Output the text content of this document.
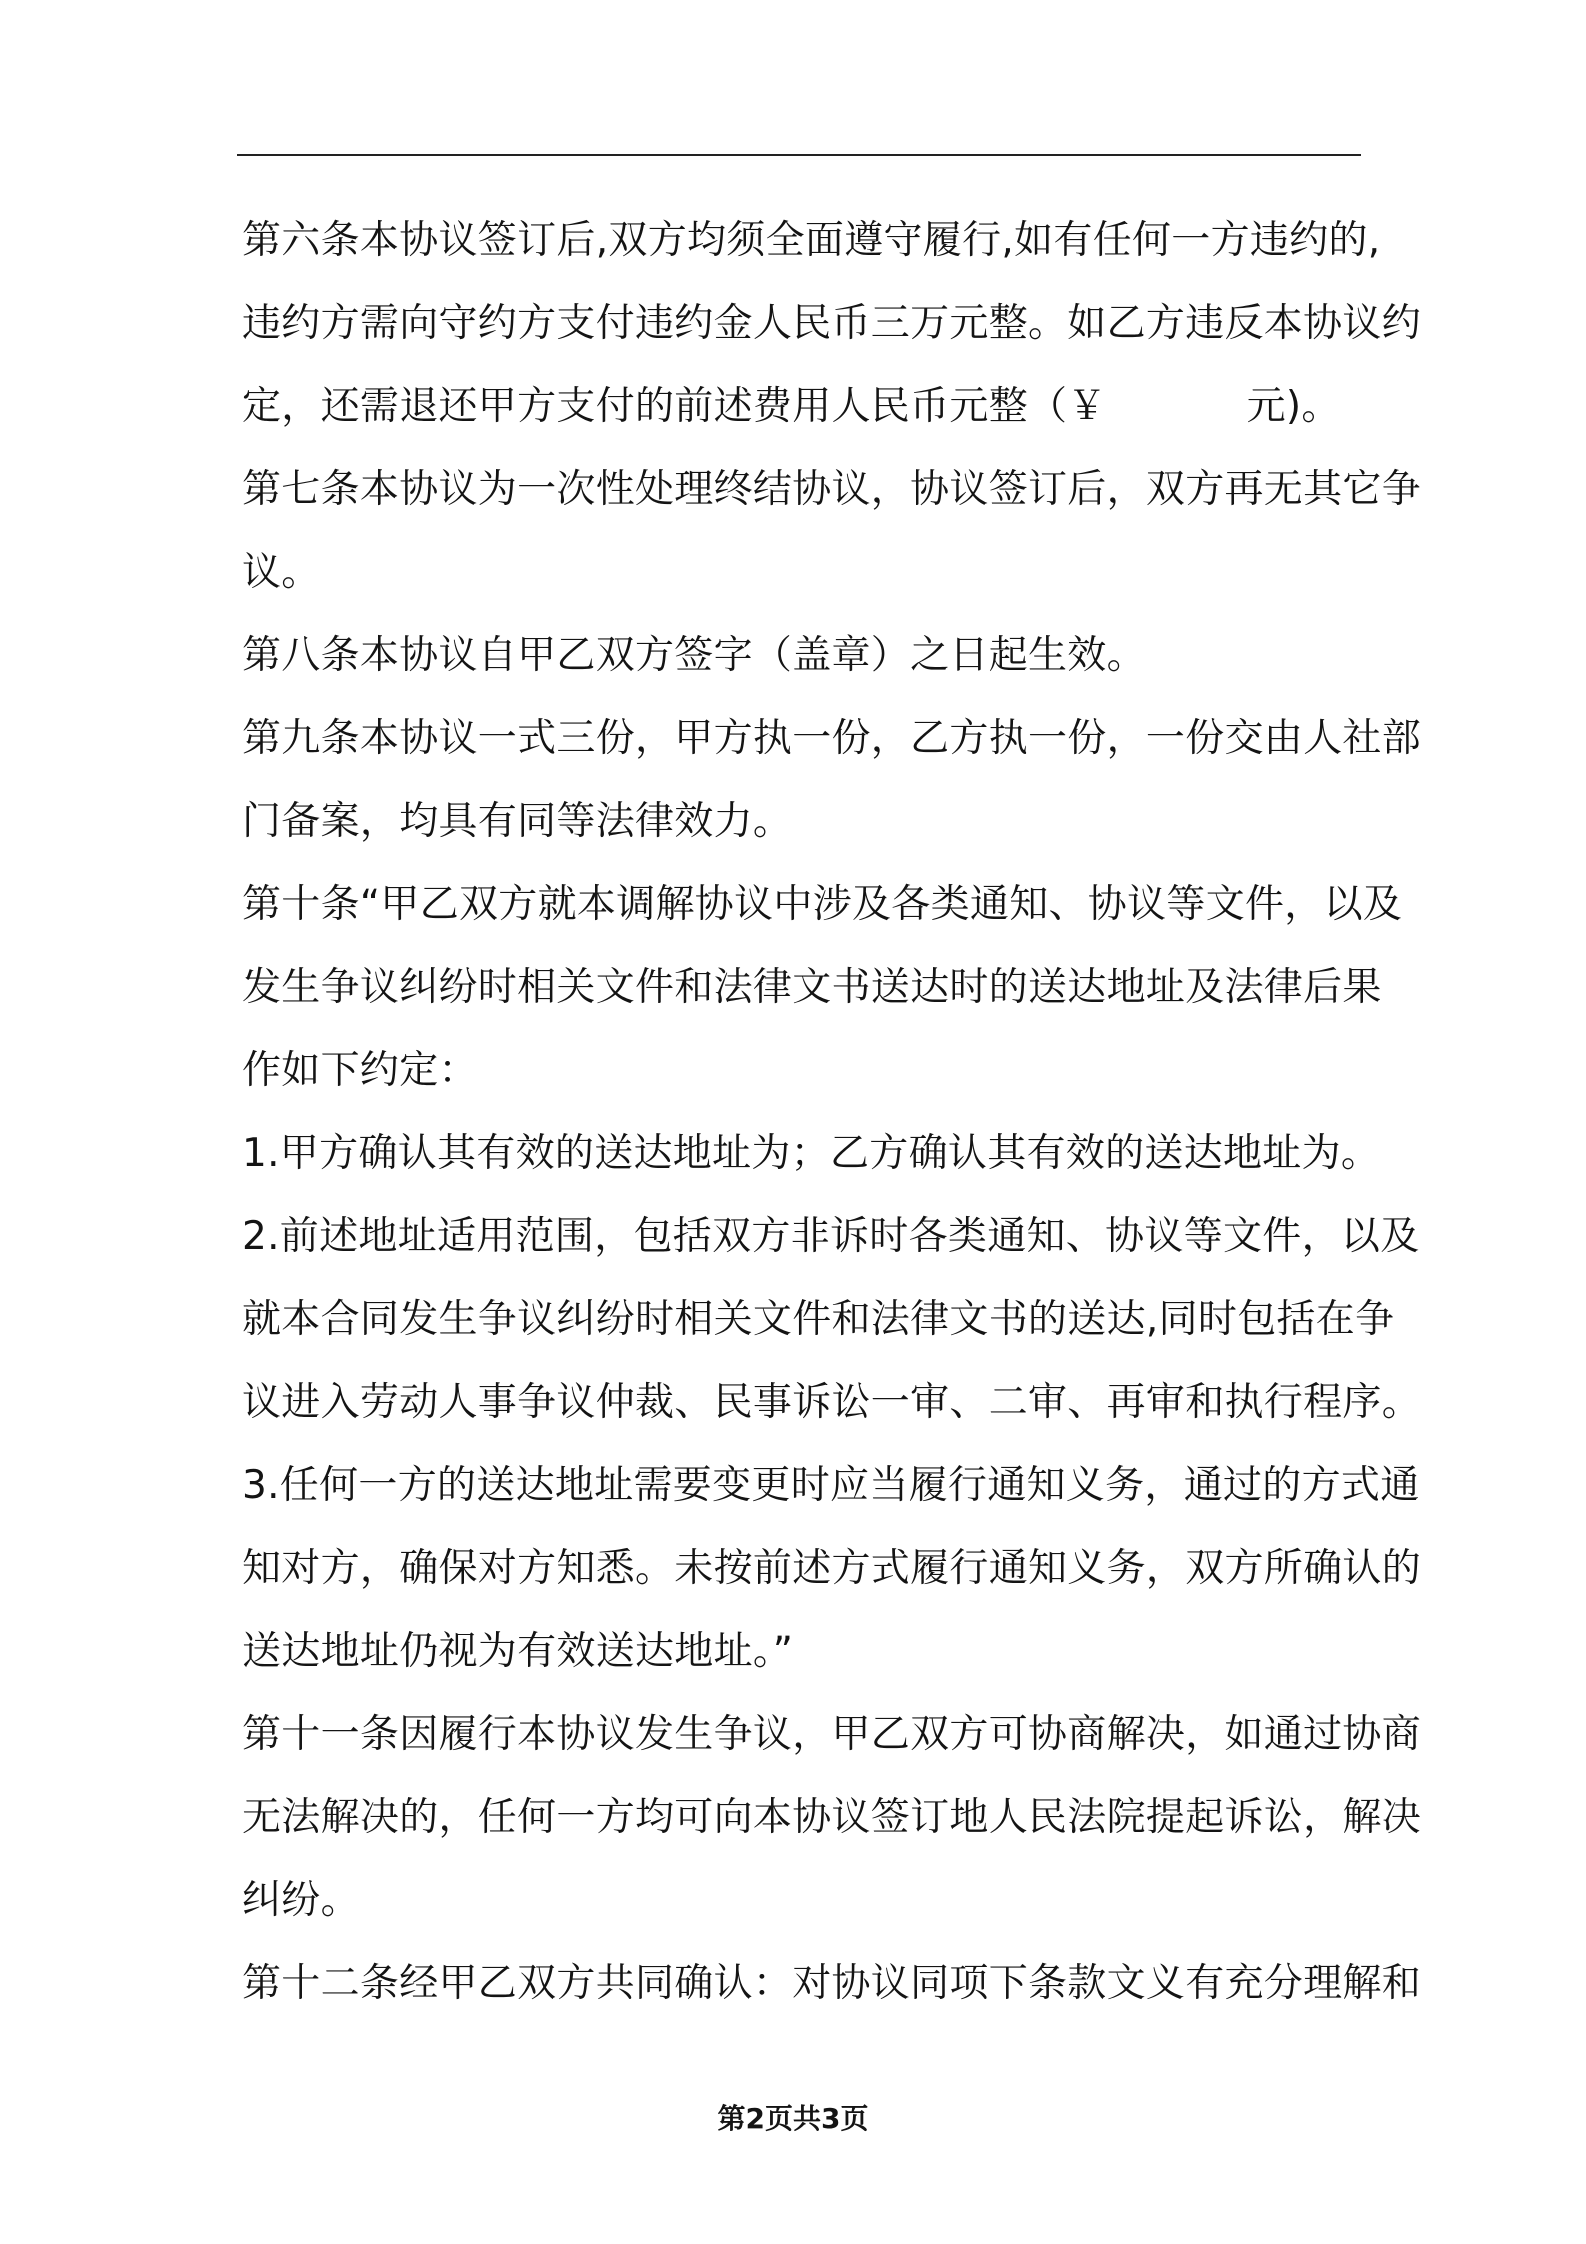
第六条本协议签订后,双方均须全面遵守履行,如有任何一方违约的,
违约方需向守约方支付违约金人民币三万元整。如乙方违反本协议约
定，还需退还甲方支付的前述费用人民币元整（￥	元)。
第七条本协议为一次性处理终结协议，协议签订后，双方再无其它争
议。
第八条本协议自甲乙双方签字（盖章）之日起生效。
第九条本协议一式三份，甲方执一份，乙方执一份，一份交由人社部
门备案，均具有同等法律效力。
第十条“甲乙双方就本调解协议中涉及各类通知、协议等文件，以及
发生争议纠纷时相关文件和法律文书送达时的送达地址及法律后果
作如下约定：
1.甲方确认其有效的送达地址为；乙方确认其有效的送达地址为。
2.前述地址适用范围，包括双方非诉时各类通知、协议等文件，以及
就本合同发生争议纠纷时相关文件和法律文书的送达,同时包括在争
议进入劳动人事争议仲裁、民事诉讼一审、二审、再审和执行程序。
3.任何一方的送达地址需要变更时应当履行通知义务，通过的方式通
知对方，确保对方知悉。未按前述方式履行通知义务，双方所确认的
送达地址仍视为有效送达地址。”
第十一条因履行本协议发生争议，甲乙双方可协商解决，如通过协商
无法解决的，任何一方均可向本协议签订地人民法院提起诉讼，解决
纠纷。
第十二条经甲乙双方共同确认：对协议同项下条款文义有充分理解和
第2页共3页
